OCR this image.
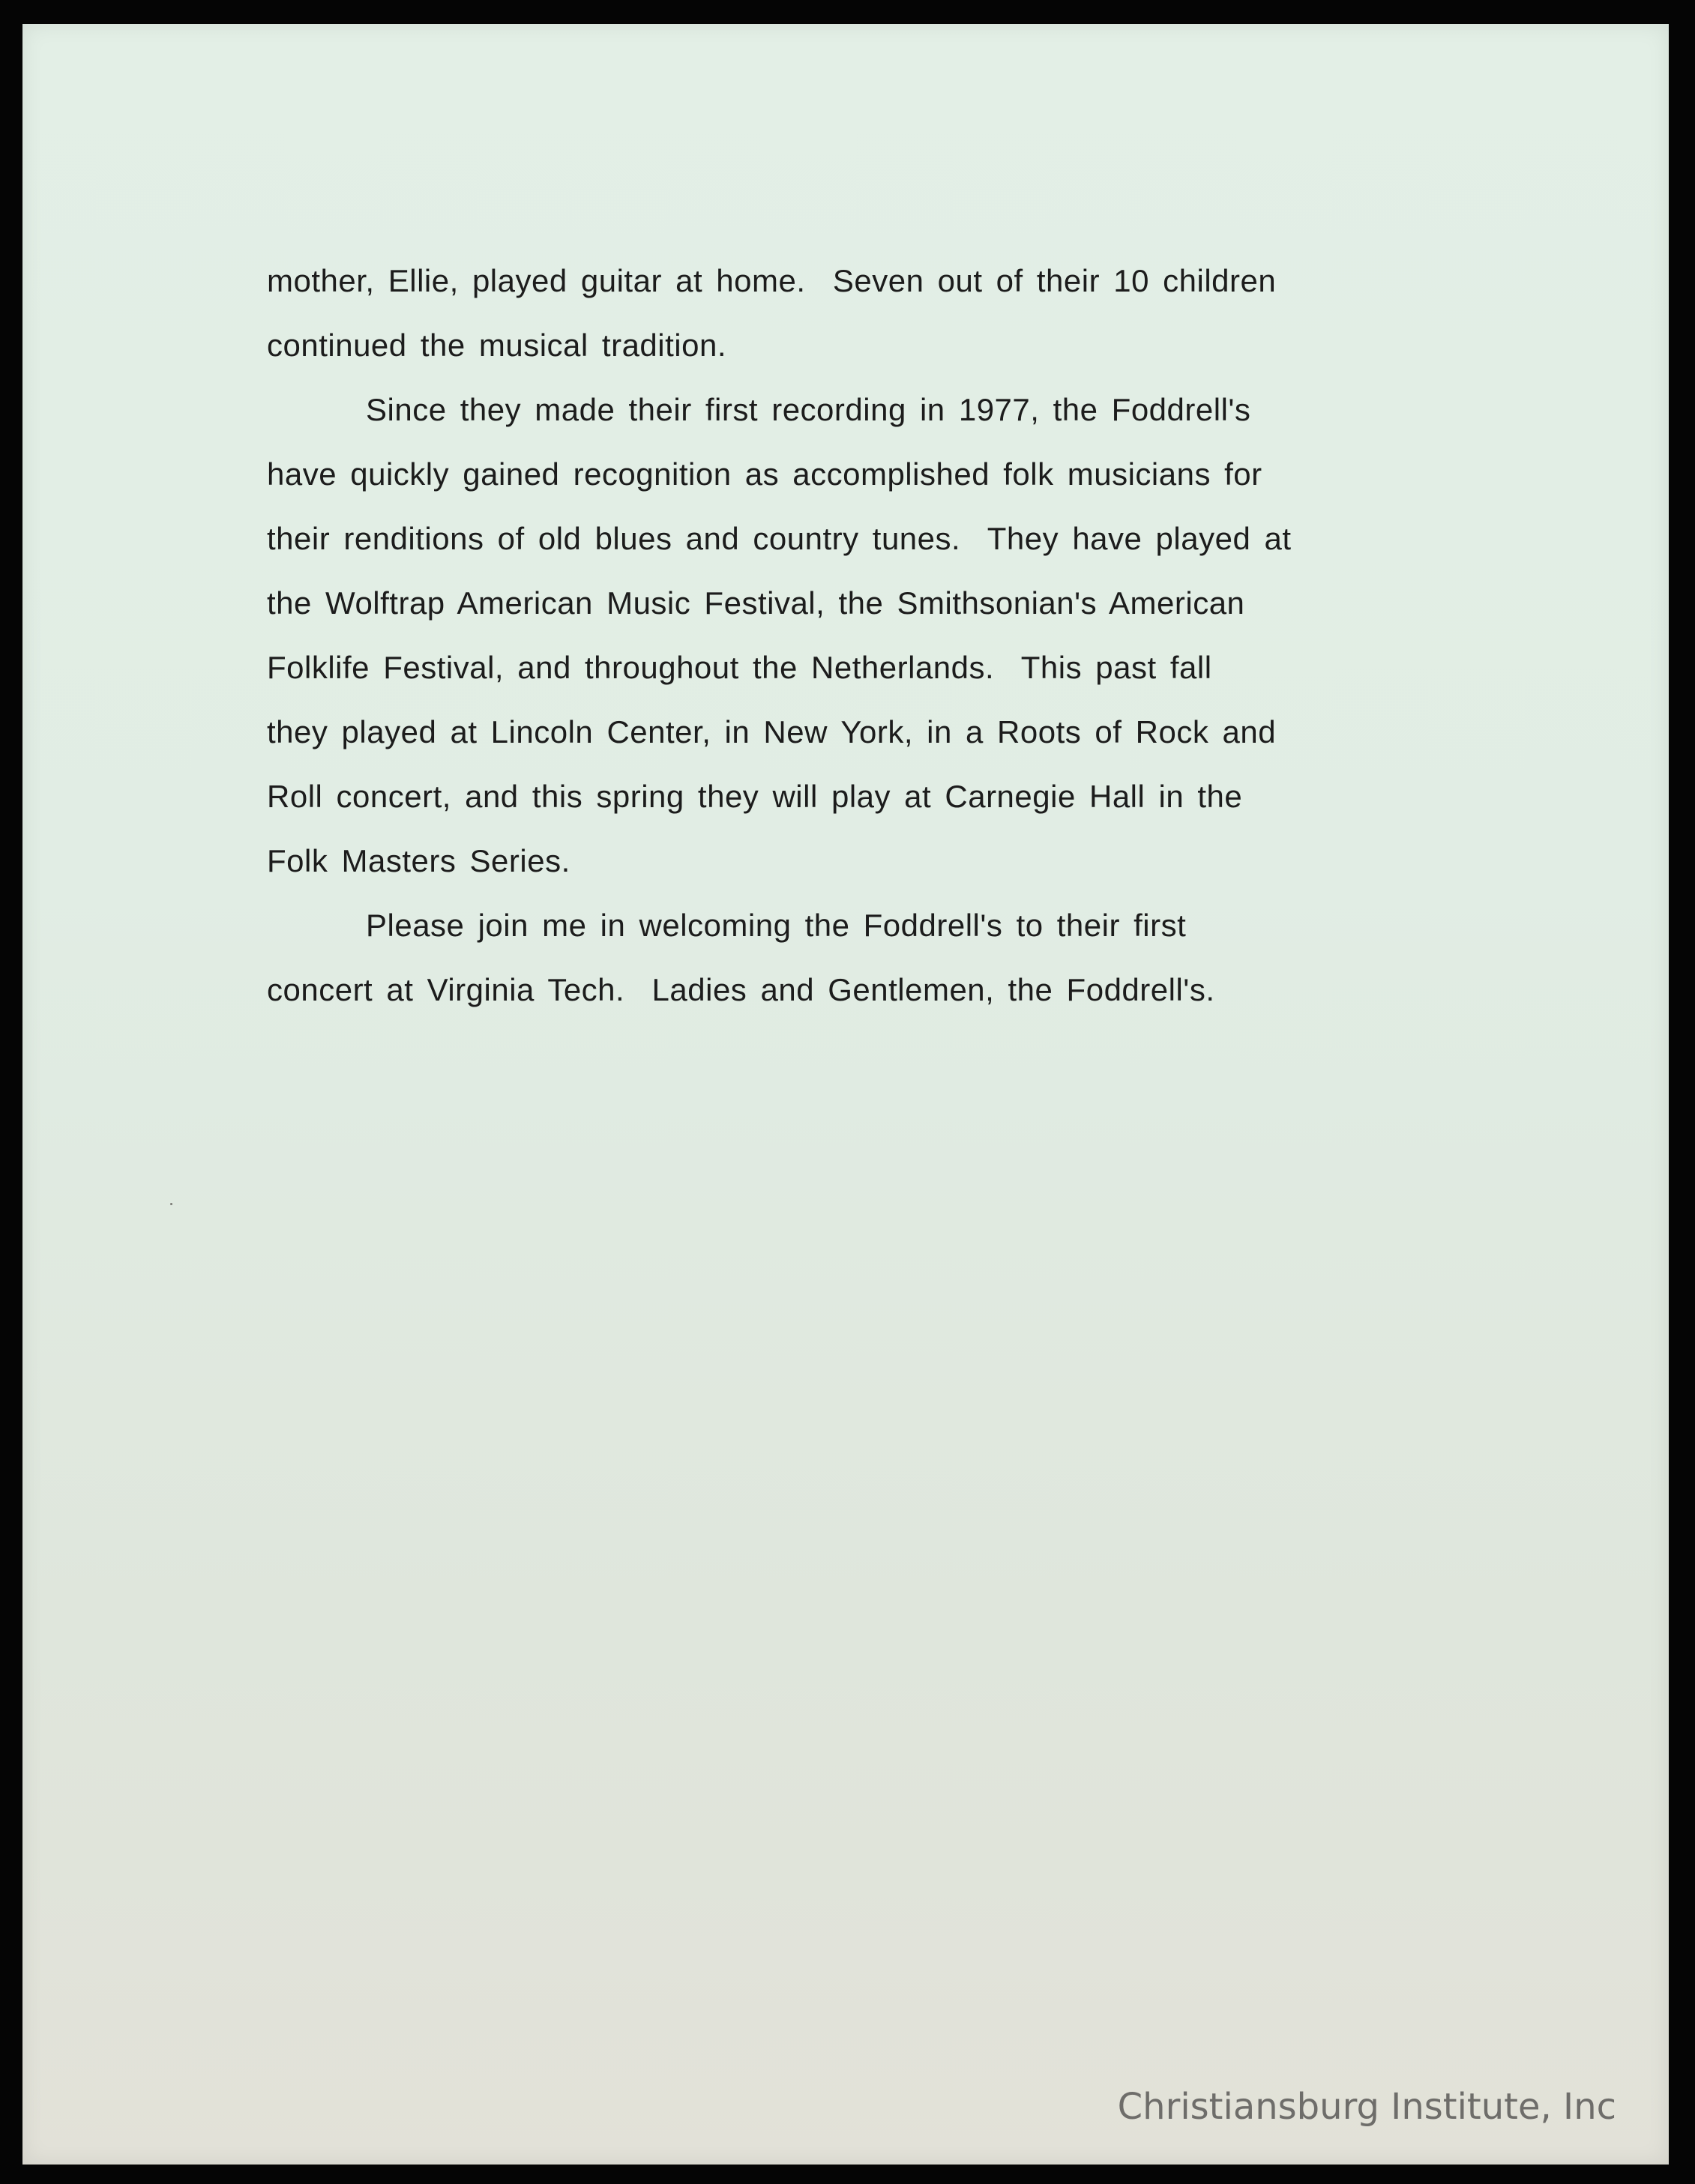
mother, Ellie, played guitar at home.  Seven out of their 10 children
continued the musical tradition.
Since they made their first recording in 1977, the Foddrell's
have quickly gained recognition as accomplished folk musicians for
their renditions of old blues and country tunes.  They have played at
the Wolftrap American Music Festival, the Smithsonian's American
Folklife Festival, and throughout the Netherlands.  This past fall
they played at Lincoln Center, in New York, in a Roots of Rock and
Roll concert, and this spring they will play at Carnegie Hall in the
Folk Masters Series.
Please join me in welcoming the Foddrell's to their first
concert at Virginia Tech.  Ladies and Gentlemen, the Foddrell's.
Christiansburg Institute, Inc
